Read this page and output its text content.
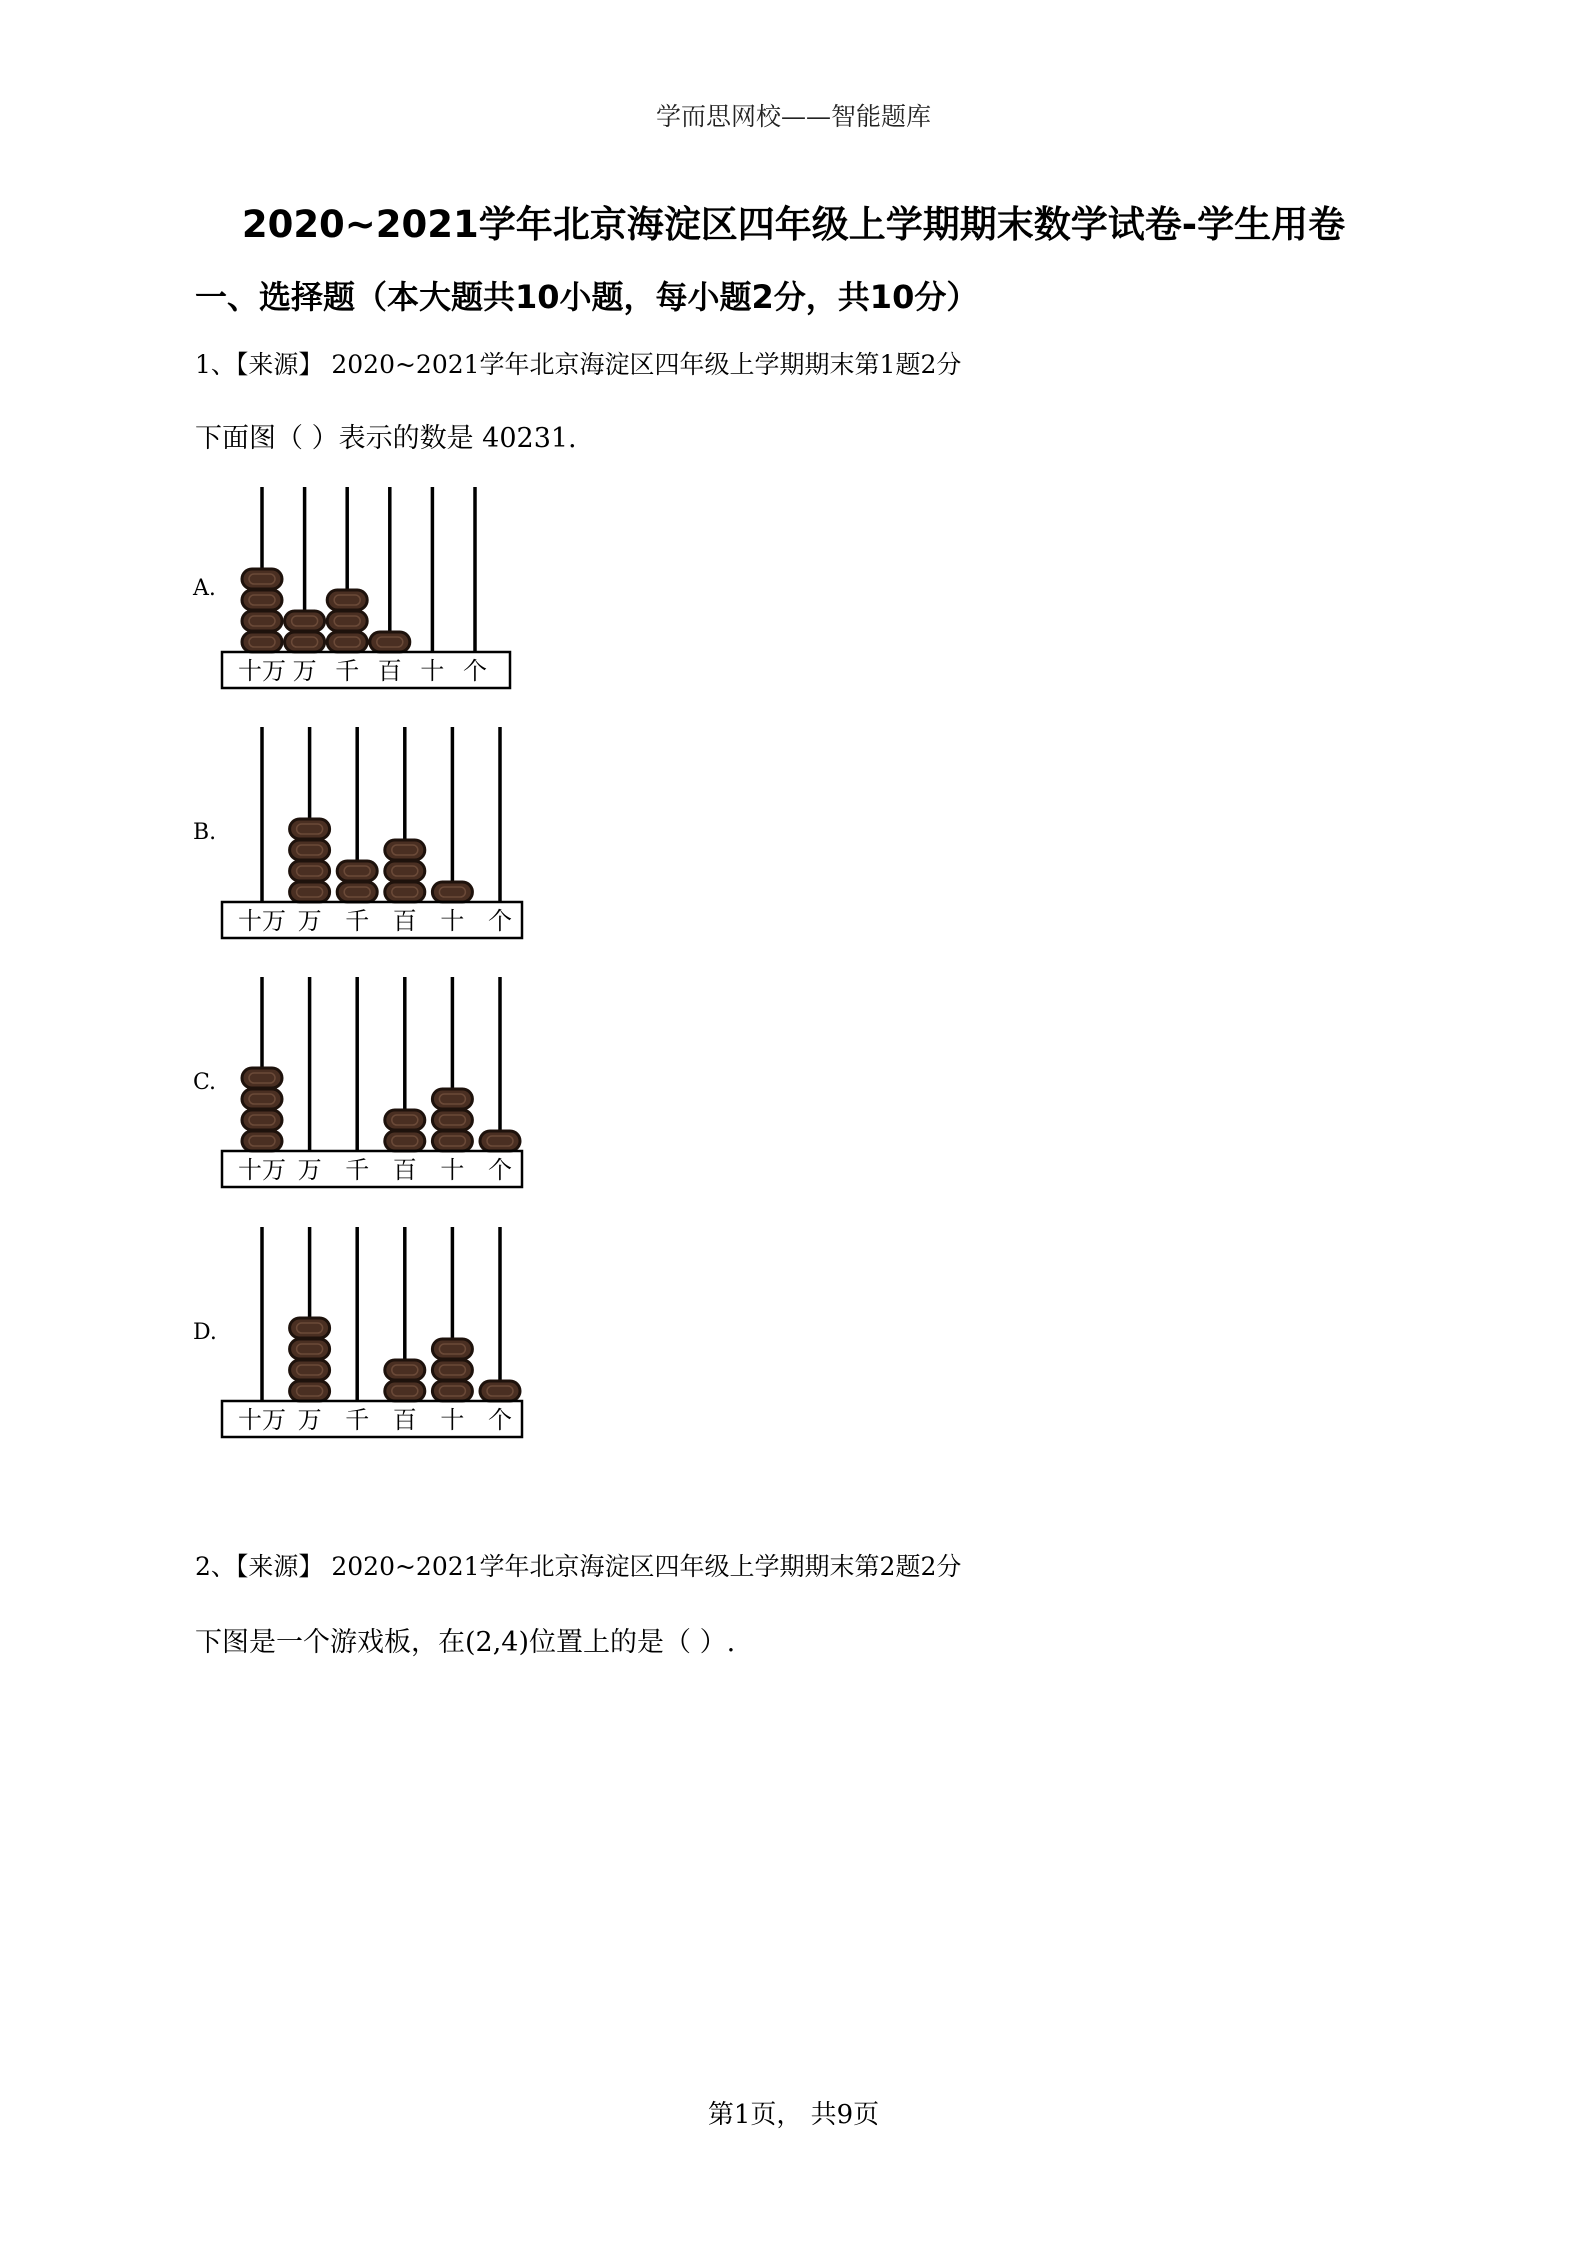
学而思网校——智能题库
2020~2021学年北京海淀区四年级上学期期末数学试卷-学生用卷
一、选择题（本大题共10小题，每小题2分，共10分）
1、【来源】 2020~2021学年北京海淀区四年级上学期期末第1题2分
下面图（ ）表示的数是 40231.
A.
十万 万 千 百 十 个
B.
十万 万 千 百 十 个
C.
十万 万 千 百 十 个
D.
十万 万 千 百 十 个
2、【来源】 2020~2021学年北京海淀区四年级上学期期末第2题2分
下图是一个游戏板，在(2,4)位置上的是（ ）.
第1页， 共9页
